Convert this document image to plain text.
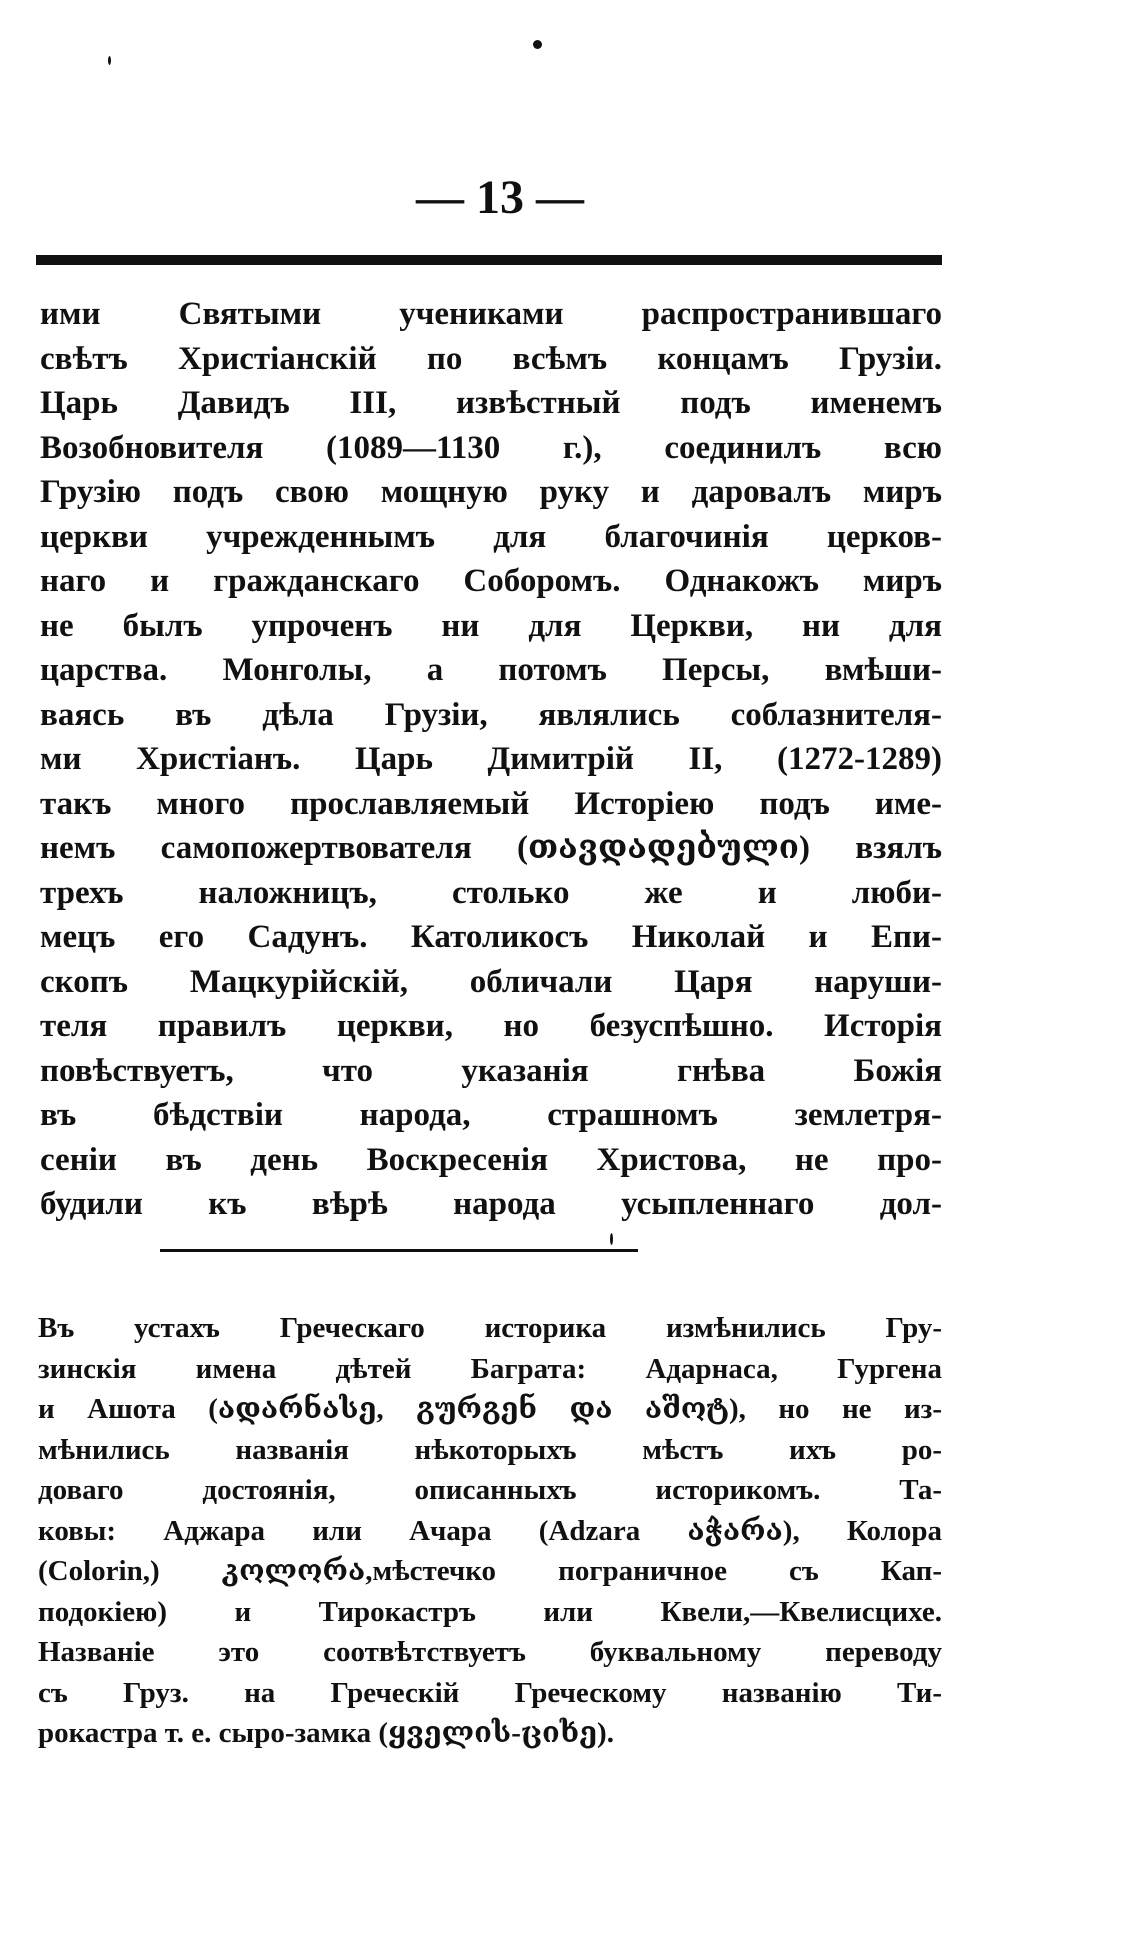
— 13 —
ими Святыми учениками распространившаго
свѣтъ Христіанскій по всѣмъ концамъ Грузіи.
Царь Давидъ III, извѣстный подъ именемъ
Возобновителя (1089—1130 г.), соединилъ всю
Грузію подъ свою мощную руку и даровалъ миръ
церкви учрежденнымъ для благочинія церков-
наго и гражданскаго Соборомъ. Однакожъ миръ
не былъ упроченъ ни для Церкви, ни для
царства. Монголы, а потомъ Персы, вмѣши-
ваясь въ дѣла Грузіи, являлись соблазнителя-
ми Христіанъ. Царь Димитрій II, (1272-1289)
такъ много прославляемый Исторіею подъ име-
немъ самопожертвователя (თავდადებული) взялъ
трехъ наложницъ, столько же и люби-
мецъ его Садунъ. Католикосъ Николай и Епи-
скопъ Мацкурійскій, обличали Царя наруши-
теля правилъ церкви, но безуспѣшно. Исторія
повѣствуетъ, что указанія гнѣва Божія
въ бѣдствіи народа, страшномъ землетря-
сеніи въ день Воскресенія Христова, не про-
будили къ вѣрѣ народа усыпленнаго дол-
Въ устахъ Греческаго историка измѣнились Гру-
зинскія имена дѣтей Баграта: Адарнаса, Гургена
и Ашота (ადარნასე, გურგენ და აშოტ), но не из-
мѣнились названія нѣкоторыхъ мѣстъ ихъ ро-
доваго достоянія, описанныхъ историкомъ. Та-
ковы: Аджара или Ачара (Adzara აჭარა), Колора
(Colorin,) კოლორა,мѣстечко пограничное съ Кап-
подокіею) и Тирокастръ или Квели,—Квелисцихе.
Названіе это соотвѣтствуетъ буквальному переводу
съ Груз. на Греческій Греческому названію Ти-
рокастра т. е. сыро-замка (ყველის-ციხე).
